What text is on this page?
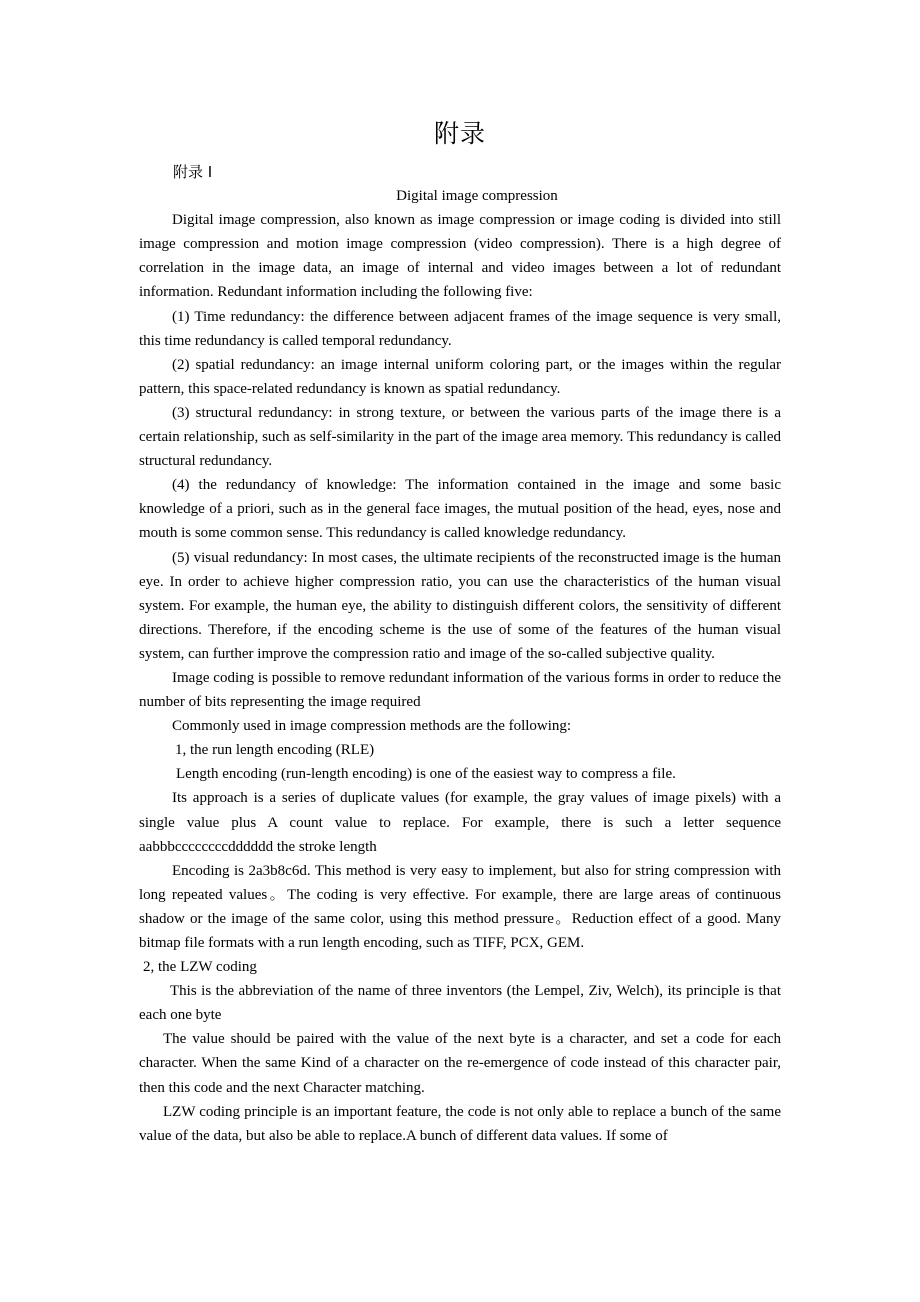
附录

附录 I

Digital image compression

Digital image compression, also known as image compression or image coding is divided into still image compression and motion image compression (video compression). There is a high degree of correlation in the image data, an image of internal and video images between a lot of redundant information. Redundant information including the following five:

(1) Time redundancy: the difference between adjacent frames of the image sequence is very small, this time redundancy is called temporal redundancy.

(2) spatial redundancy: an image internal uniform coloring part, or the images within the regular pattern, this space-related redundancy is known as spatial redundancy.

(3) structural redundancy: in strong texture, or between the various parts of the image there is a certain relationship, such as self-similarity in the part of the image area memory. This redundancy is called structural redundancy.

(4) the redundancy of knowledge: The information contained in the image and some basic knowledge of a priori, such as in the general face images, the mutual position of the head, eyes, nose and mouth is some common sense. This redundancy is called knowledge redundancy.

(5) visual redundancy: In most cases, the ultimate recipients of the reconstructed image is the human eye. In order to achieve higher compression ratio, you can use the characteristics of the human visual system. For example, the human eye, the ability to distinguish different colors, the sensitivity of different directions. Therefore, if the encoding scheme is the use of some of the features of the human visual system, can further improve the compression ratio and image of the so-called subjective quality.

Image coding is possible to remove redundant information of the various forms in order to reduce the number of bits representing the image required

Commonly used in image compression methods are the following:

1, the run length encoding (RLE)

Length encoding (run-length encoding) is one of the easiest way to compress a file.

Its approach is a series of duplicate values (for example, the gray values of image pixels) with a single value plus A count value to replace. For example, there is such a letter sequence aabbbccccccccdddddd the stroke length

Encoding is 2a3b8c6d. This method is very easy to implement, but also for string compression with long repeated values。The coding is very effective. For example, there are large areas of continuous shadow or the image of the same color, using this method pressure。Reduction effect of a good. Many bitmap file formats with a run length encoding, such as TIFF, PCX, GEM.

2, the LZW coding

This is the abbreviation of the name of three inventors (the Lempel, Ziv, Welch), its principle is that each one byte

The value should be paired with the value of the next byte is a character, and set a code for each character. When the same Kind of a character on the re-emergence of code instead of this character pair, then this code and the next Character matching.

LZW coding principle is an important feature, the code is not only able to replace a bunch of the same value of the data, but also be able to replace.A bunch of different data values. If some of
